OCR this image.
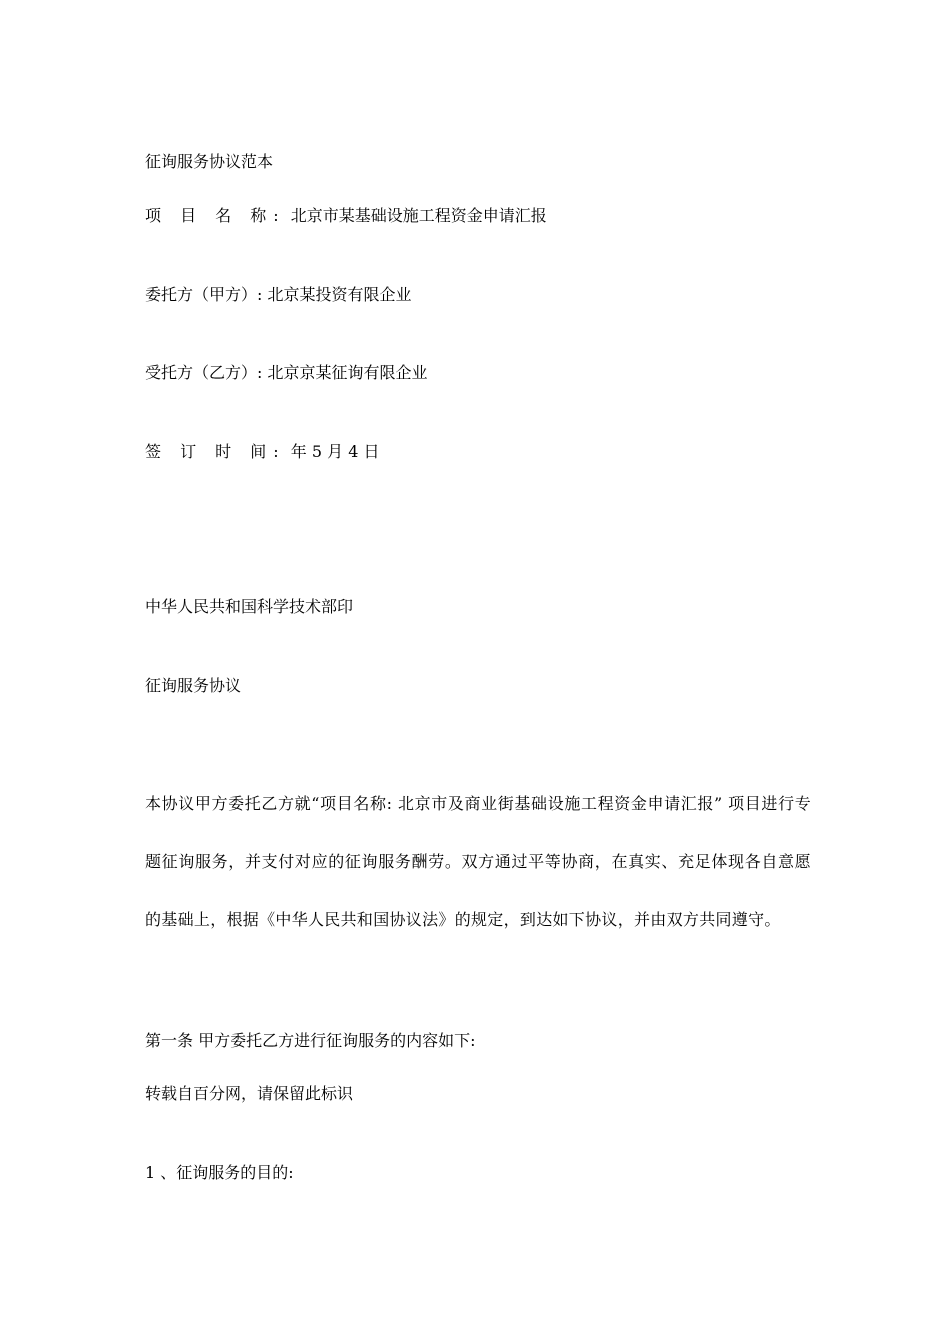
征询服务协议范本

项 目 名 称: 北京市某基础设施工程资金申请汇报

委托方（甲方）: 北京某投资有限企业

受托方（乙方）: 北京京某征询有限企业

签 订 时 间: 年 5 月 4 日

中华人民共和国科学技术部印

征询服务协议

本协议甲方委托乙方就“项目名称: 北京市及商业街基础设施工程资金申请汇报” 项目进行专题征询服务，并支付对应的征询服务酬劳。双方通过平等协商，在真实、充足体现各自意愿的基础上，根据《中华人民共和国协议法》的规定，到达如下协议，并由双方共同遵守。

第一条 甲方委托乙方进行征询服务的内容如下:

转载自百分网，请保留此标识

1 、征询服务的目的:
